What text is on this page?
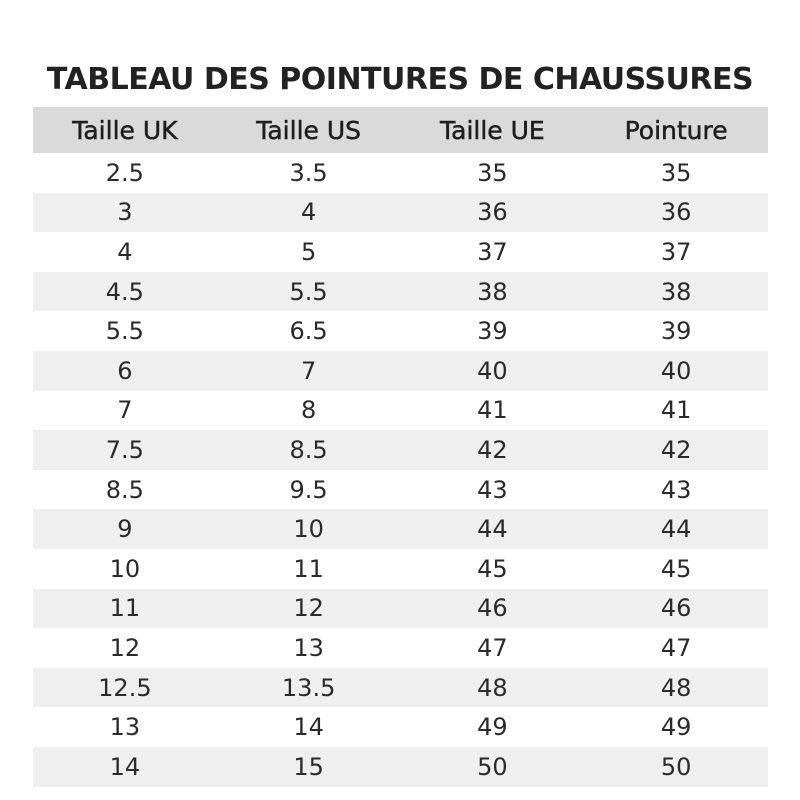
TABLEAU DES POINTURES DE CHAUSSURES
Taille UK	Taille US	Taille UE	Pointure
2.5	3.5	35	35
3	4	36	36
4	5	37	37
4.5	5.5	38	38
5.5	6.5	39	39
6	7	40	40
7	8	41	41
7.5	8.5	42	42
8.5	9.5	43	43
9	10	44	44
10	11	45	45
11	12	46	46
12	13	47	47
12.5	13.5	48	48
13	14	49	49
14	15	50	50
